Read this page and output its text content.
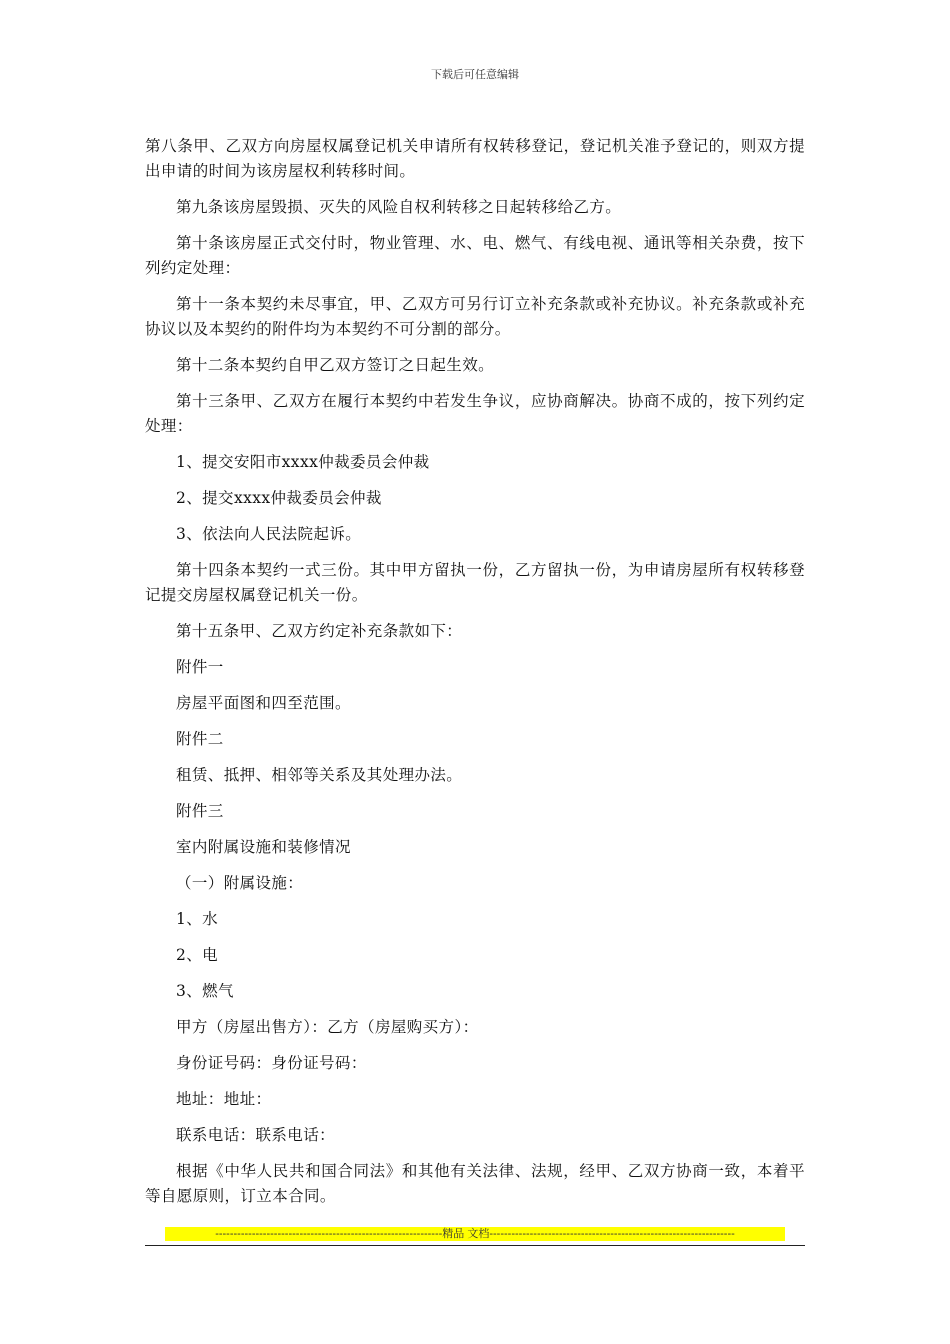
下载后可任意编辑

第八条甲、乙双方向房屋权属登记机关申请所有权转移登记，登记机关准予登记的，则双方提出申请的时间为该房屋权利转移时间。

第九条该房屋毁损、灭失的风险自权利转移之日起转移给乙方。

第十条该房屋正式交付时，物业管理、水、电、燃气、有线电视、通讯等相关杂费，按下列约定处理：

第十一条本契约未尽事宜，甲、乙双方可另行订立补充条款或补充协议。补充条款或补充协议以及本契约的附件均为本契约不可分割的部分。

第十二条本契约自甲乙双方签订之日起生效。

第十三条甲、乙双方在履行本契约中若发生争议，应协商解决。协商不成的，按下列约定处理：

1、提交安阳市xxxx仲裁委员会仲裁

2、提交xxxx仲裁委员会仲裁

3、依法向人民法院起诉。

第十四条本契约一式三份。其中甲方留执一份，乙方留执一份，为申请房屋所有权转移登记提交房屋权属登记机关一份。

第十五条甲、乙双方约定补充条款如下：

附件一

房屋平面图和四至范围。

附件二

租赁、抵押、相邻等关系及其处理办法。

附件三

室内附属设施和装修情况

（一）附属设施：

1、水

2、电

3、燃气

甲方（房屋出售方）：乙方（房屋购买方）：

身份证号码：身份证号码：

地址：地址：

联系电话：联系电话：

根据《中华人民共和国合同法》和其他有关法律、法规，经甲、乙双方协商一致，本着平等自愿原则，订立本合同。

--------------------------------------------------------------精品 文档-------------------------------------------------------------------
